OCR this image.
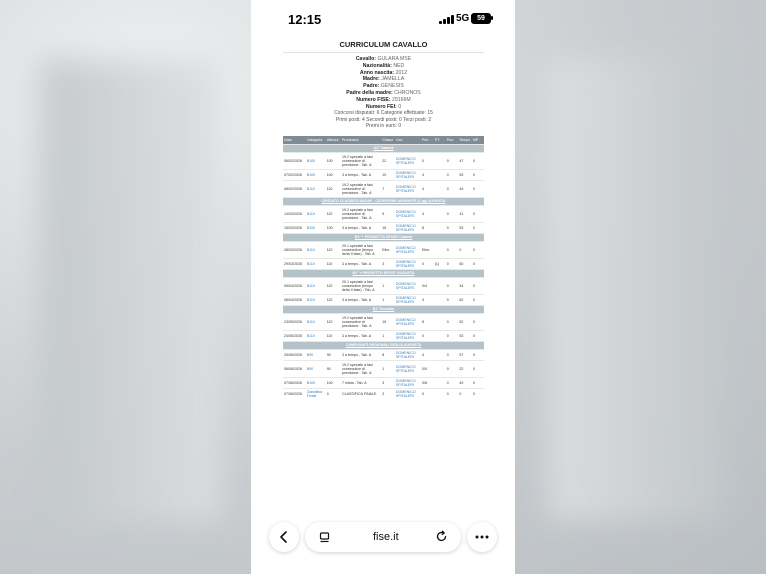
12:15	5G	59
CURRICULUM CAVALLO
Cavallo: GULARA MSE
Nazionalità: NED
Anno nascita: 2012
Madre: JAMELLA
Padre: GENESIS
Padre della madre: CHRONOS
Numero FISE: 29166M
Numero FEI: 0
Concorsi disputati: 6 Categorie effettuate: 15
Primi posti: 4 Secondi posti: 0 Terzi posti: 2
Premi in euro: 0
Data	Categoria	Altezza	Prontuario	Classe	Cav.	Pen.	P.T.	Pun.	Tempo	MP
A2° Catania										
06/02/2026	B100	100	19.2 speciale a fasi consecutive di precisione - Tab. A	22	DOMENICO SPITALERI	0		0	47	0
07/02/2026	B100	100	3 a tempo - Tab. A	10	DOMENICO SPITALERI	4		0	53	0
08/02/2026	B110	110	19.2 speciale a fasi consecutive di precisione - Tab. A	7	DOMENICO SPITALERI	4		0	44	0
CIRCUITO CLASSICO MASAF - CATEGORIE AGGIUNTE (1 gg) AUGUSTA										
14/03/2026	B110	110	19.2 speciale a fasi consecutive di precisione - Tab. A	5	DOMENICO SPITALERI	4		0	41	0
15/03/2026	B100	100	3 a tempo - Tab. A	16	DOMENICO SPITALERI	8		0	53	0
B1° + PROGETTO SPORT Catania										
28/03/2026	B110	110	20.1 speciale a fasi consecutive (tempo della II fase) - Tab. A	Elim.	DOMENICO SPITALERI	Elim.		0	0	0
29/03/2026	B110	110	3 a tempo - Tab. A	3	DOMENICO SPITALERI	0	(1)	0	60	0
B1° + PROGETTO SPORT AUGUSTA										
05/04/2026	B110	110	20.1 speciale a fasi consecutive (tempo della II fase) - Tab. A	1	DOMENICO SPITALERI	0/4		0	34	0
06/04/2026	B110	110	3 a tempo - Tab. A	1	DOMENICO SPITALERI	4		0	62	0
B1° Pozzallo										
23/05/2026	B110	110	19.2 speciale a fasi consecutive di precisione - Tab. A	16	DOMENICO SPITALERI	8		0	52	0
24/05/2026	B110	110	3 a tempo - Tab. A	1	DOMENICO SPITALERI	0		0	53	0
CAMPIONATI REGIONALI SICILIA AUGUSTA										
25/06/2026	B90	90	3 a tempo - Tab. A	8	DOMENICO SPITALERI	4		0	57	0
06/06/2026	B90	90	19.2 speciale a fasi consecutive di precisione - Tab. A	1	DOMENICO SPITALERI	0/0		0	22	0
07/06/2026	B100	100	7 mista - Tab. A	3	DOMENICO SPITALERI	0/8		0	40	0
07/06/2026	Classifica Finale	0	CLASSIFICA FINALE	3	DOMENICO SPITALERI	0		0	0	0
fise.it
